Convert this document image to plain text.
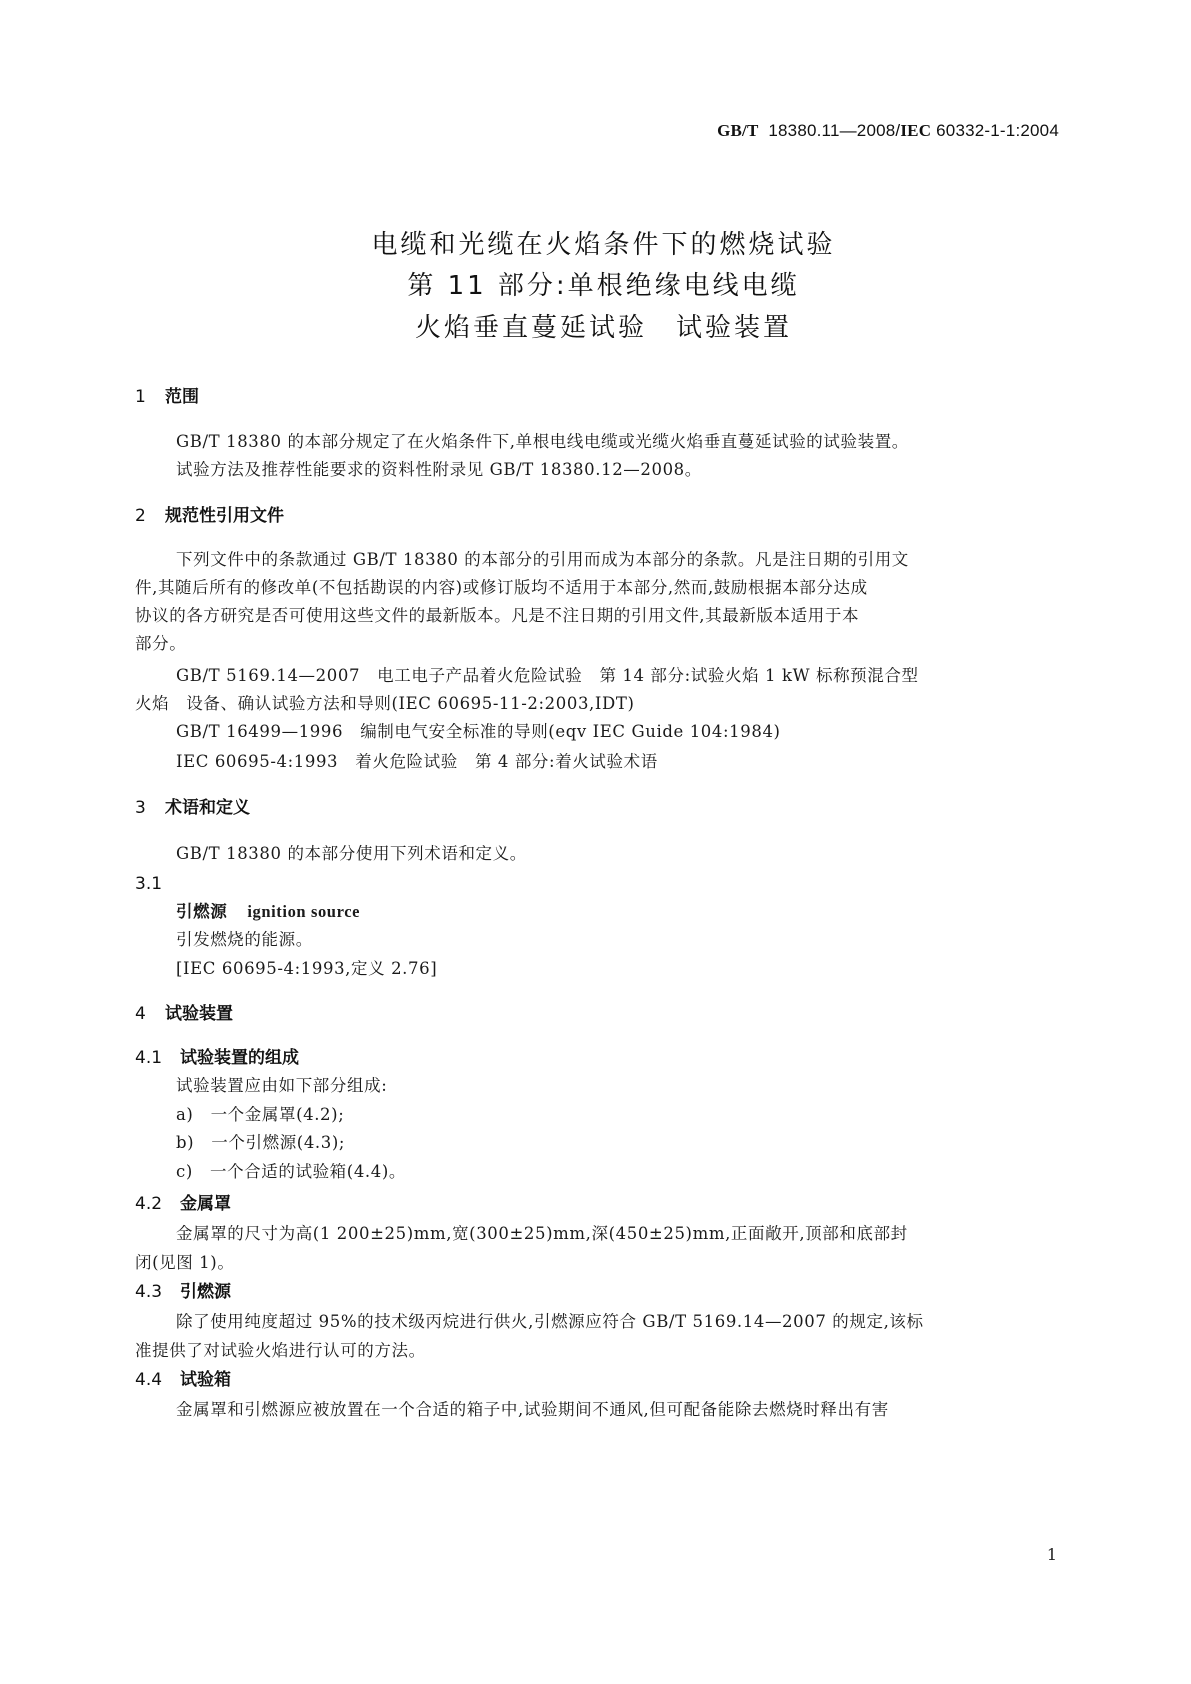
GB/T 18380.11—2008/IEC 60332-1-1:2004
电缆和光缆在火焰条件下的燃烧试验
第 11 部分:单根绝缘电线电缆
火焰垂直蔓延试验　试验装置
1 范围
GB/T 18380 的本部分规定了在火焰条件下,单根电线电缆或光缆火焰垂直蔓延试验的试验装置。
试验方法及推荐性能要求的资料性附录见 GB/T 18380.12—2008。
2 规范性引用文件
下列文件中的条款通过 GB/T 18380 的本部分的引用而成为本部分的条款。凡是注日期的引用文
件,其随后所有的修改单(不包括勘误的内容)或修订版均不适用于本部分,然而,鼓励根据本部分达成
协议的各方研究是否可使用这些文件的最新版本。凡是不注日期的引用文件,其最新版本适用于本
部分。
GB/T 5169.14—2007　电工电子产品着火危险试验　第 14 部分:试验火焰 1 kW 标称预混合型
火焰　设备、确认试验方法和导则(IEC 60695-11-2:2003,IDT)
GB/T 16499—1996　编制电气安全标准的导则(eqv IEC Guide 104:1984)
IEC 60695-4:1993　着火危险试验　第 4 部分:着火试验术语
3 术语和定义
GB/T 18380 的本部分使用下列术语和定义。
3.1
引燃源 ignition source
引发燃烧的能源。
[IEC 60695-4:1993,定义 2.76]
4 试验装置
4.1 试验装置的组成
试验装置应由如下部分组成:
a)　一个金属罩(4.2);
b)　一个引燃源(4.3);
c)　一个合适的试验箱(4.4)。
4.2 金属罩
金属罩的尺寸为高(1 200±25)mm,宽(300±25)mm,深(450±25)mm,正面敞开,顶部和底部封
闭(见图 1)。
4.3 引燃源
除了使用纯度超过 95%的技术级丙烷进行供火,引燃源应符合 GB/T 5169.14—2007 的规定,该标
准提供了对试验火焰进行认可的方法。
4.4 试验箱
金属罩和引燃源应被放置在一个合适的箱子中,试验期间不通风,但可配备能除去燃烧时释出有害
1
